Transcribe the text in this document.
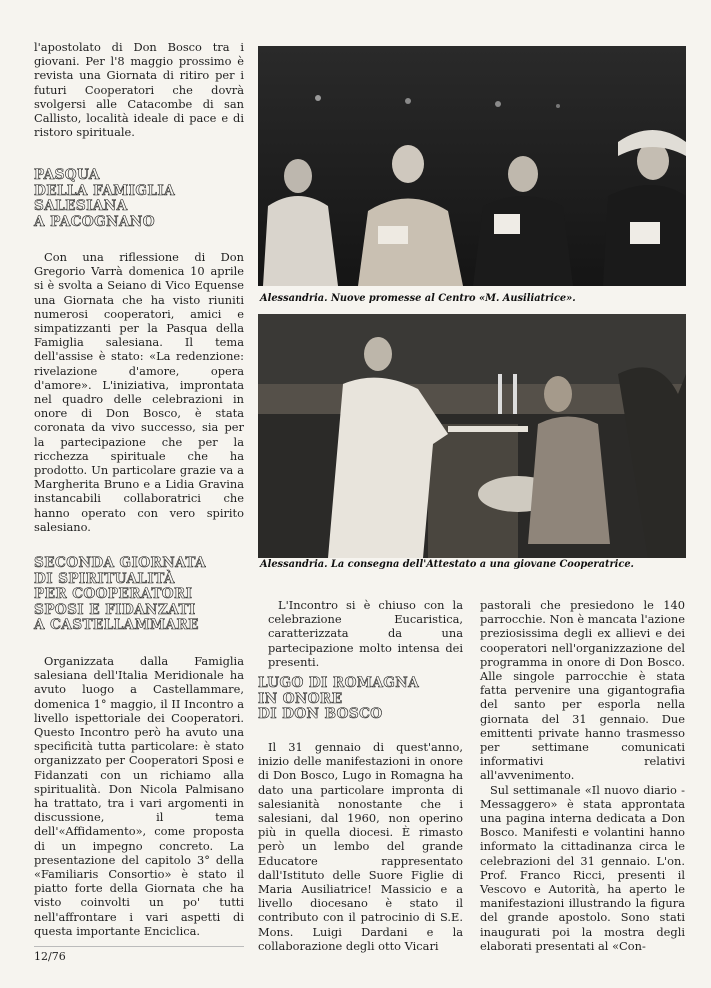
l'apostolato di Don Bosco tra i giovani. Per l'8 maggio prossimo è revista una Giornata di ritiro per i futuri Cooperatori che dovrà svolgersi alle Catacombe di san Callisto, località ideale di pace e di ristoro spirituale.

PASQUA
DELLA FAMIGLIA
SALESIANA
A PACOGNANO

Con una riflessione di Don Gregorio Varrà domenica 10 aprile si è svolta a Seiano di Vico Equense una Giornata che ha visto riuniti numerosi cooperatori, amici e simpatizzanti per la Pasqua della Famiglia salesiana. Il tema dell'assise è stato: «La redenzione: rivelazione d'amore, opera d'amore». L'iniziativa, improntata nel quadro delle celebrazioni in onore di Don Bosco, è stata coronata da vivo successo, sia per la partecipazione che per la ricchezza spirituale che ha prodotto. Un particolare grazie va a Margherita Bruno e a Lidia Gravina instancabili collaboratrici che hanno operato con vero spirito salesiano.

SECONDA GIORNATA
DI SPIRITUALITÀ
PER COOPERATORI
SPOSI E FIDANZATI
A CASTELLAMMARE

Organizzata dalla Famiglia salesiana dell'Italia Meridionale ha avuto luogo a Castellammare, domenica 1° maggio, il II Incontro a livello ispettoriale dei Cooperatori. Questo Incontro però ha avuto una specificità tutta particolare: è stato organizzato per Cooperatori Sposi e Fidanzati con un richiamo alla spiritualità. Don Nicola Palmisano ha trattato, tra i vari argomenti in discussione, il tema dell'«Affidamento», come proposta di un impegno concreto. La presentazione del capitolo 3° della «Familiaris Consortio» è stato il piatto forte della Giornata che ha visto coinvolti un po' tutti nell'affrontare i vari aspetti di questa importante Enciclica.

Alessandria. Nuove promesse al Centro «M. Ausiliatrice».
Alessandria. La consegna dell'Attestato a una giovane Cooperatrice.

L'Incontro si è chiuso con la celebrazione Eucaristica, caratterizzata da una partecipazione molto intensa dei presenti.

LUGO DI ROMAGNA
IN ONORE
DI DON BOSCO

Il 31 gennaio di quest'anno, inizio delle manifestazioni in onore di Don Bosco, Lugo in Romagna ha dato una particolare impronta di salesianità nonostante che i salesiani, dal 1960, non operino più in quella diocesi. È rimasto però un lembo del grande Educatore rappresentato dall'Istituto delle Suore Figlie di Maria Ausiliatrice! Massicio e a livello diocesano è stato il contributo con il patrocinio di S.E. Mons. Luigi Dardani e la collaborazione degli otto Vicari

pastorali che presiedono le 140 parrocchie. Non è mancata l'azione preziosissima degli ex allievi e dei cooperatori nell'organizzazione del programma in onore di Don Bosco. Alle singole parrocchie è stata fatta pervenire una gigantografia del santo per esporla nella giornata del 31 gennaio. Due emittenti private hanno trasmesso per settimane comunicati informativi relativi all'avvenimento.

Sul settimanale «Il nuovo diario - Messaggero» è stata approntata una pagina interna dedicata a Don Bosco. Manifesti e volantini hanno informato la cittadinanza circa le celebrazioni del 31 gennaio. L'on. Prof. Franco Ricci, presenti il Vescovo e Autorità, ha aperto le manifestazioni illustrando la figura del grande apostolo. Sono stati inaugurati poi la mostra degli elaborati presentati al «Con-

12/76
